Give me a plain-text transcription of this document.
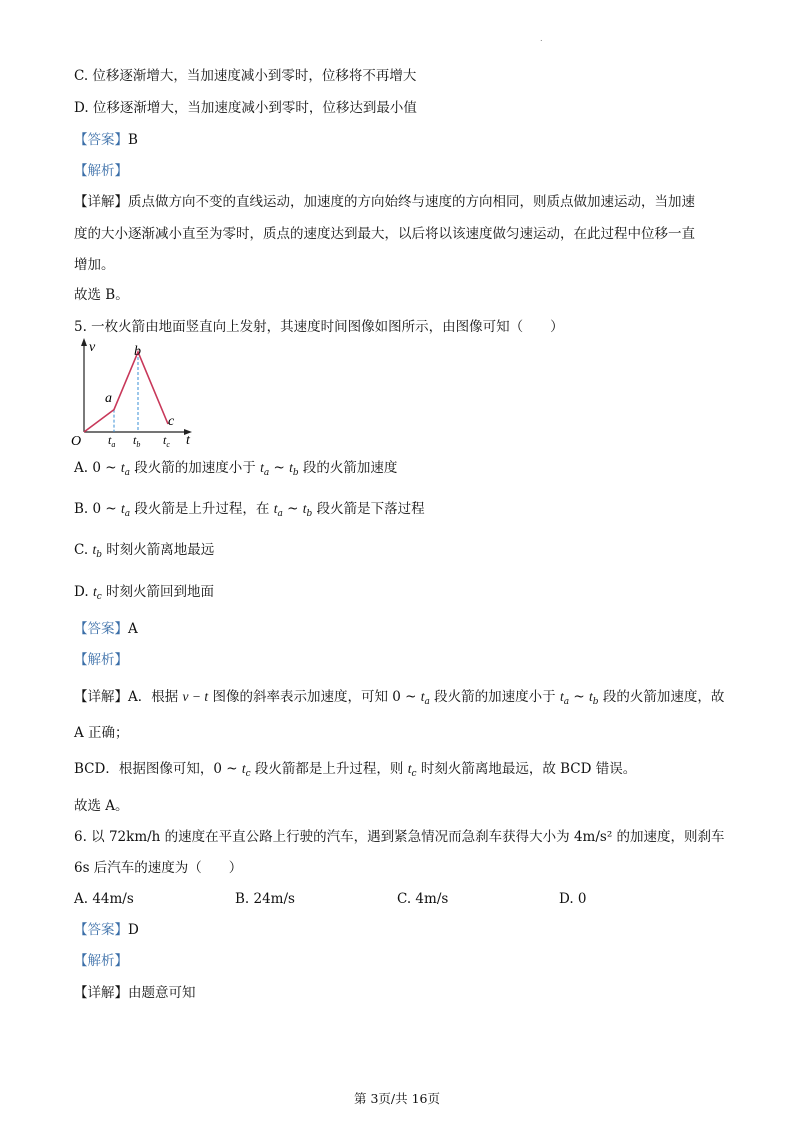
.
C. 位移逐渐增大，当加速度减小到零时，位移将不再增大
D. 位移逐渐增大，当加速度减小到零时，位移达到最小值
【答案】B
【解析】
【详解】质点做方向不变的直线运动，加速度的方向始终与速度的方向相同，则质点做加速运动，当加速
度的大小逐渐减小直至为零时，质点的速度达到最大，以后将以该速度做匀速运动，在此过程中位移一直
增加。
故选 B。
5. 一枚火箭由地面竖直向上发射，其速度时间图像如图所示，由图像可知（　　）
v
O	t
a
b
c
$t_a$ $t_b$ $t_c$
A. 0 ~ $t_a$ 段火箭的加速度小于 $t_a$ ~ $t_b$ 段的火箭加速度
B. 0 ~ $t_a$ 段火箭是上升过程，在 $t_a$ ~ $t_b$ 段火箭是下落过程
C. $t_b$ 时刻火箭离地最远
D. $t_c$ 时刻火箭回到地面
【答案】A
【解析】
【详解】A．根据 v − t 图像的斜率表示加速度，可知 0 ~ $t_a$ 段火箭的加速度小于 $t_a$ ~ $t_b$ 段的火箭加速度，故
A 正确；
BCD．根据图像可知，0 ~ $t_c$ 段火箭都是上升过程，则 $t_c$ 时刻火箭离地最远，故 BCD 错误。
故选 A。
6. 以 72km/h 的速度在平直公路上行驶的汽车，遇到紧急情况而急刹车获得大小为 4m/s² 的加速度，则刹车
6s 后汽车的速度为（　　）
A. 44m/s	B. 24m/s	C. 4m/s	D. 0
【答案】D
【解析】
【详解】由题意可知
第 3页/共 16页
